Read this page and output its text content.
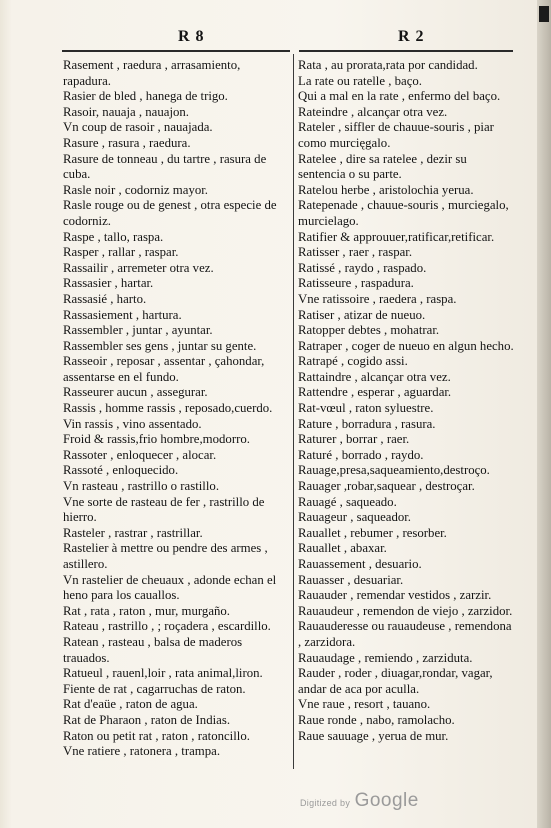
R 8	R 2

Rasement , raedura , arrasamiento, rapadura.

Rasier de bled , hanega de trigo.

Rasoir, nauaja , nauajon.

Vn coup de rasoir , nauajada.

Rasure , rasura , raedura.

Rasure de tonneau , du tartre , rasura de cuba.

Rasle noir , codorniz mayor.

Rasle rouge ou de genest , otra especie de codorniz.

Raspe , tallo, raspa.

Rasper , rallar , raspar.

Rassailir , arremeter otra vez.

Rassasier , hartar.

Rassasié , harto.

Rassasiement , hartura.

Rassembler , juntar , ayuntar.

Rassembler ses gens , juntar su gente.

Rasseoir , reposar , assentar , çahondar, assentarse en el fundo.

Rasseurer aucun , assegurar.

Rassis , homme rassis , reposado,cuerdo.

Vin rassis , vino assentado.

Froid & rassis,frio hombre,modorro.

Rassoter , enloquecer , alocar.

Rassoté , enloquecido.

Vn rasteau , rastrillo o rastillo.

Vne sorte de rasteau de fer , rastrillo de hierro.

Rasteler , rastrar , rastrillar.

Rastelier à mettre ou pendre des armes , astillero.

Vn rastelier de cheuaux , adonde echan el heno para los cauallos.

Rat , rata , raton , mur, murgaño.

Rateau , rastrillo , ; roçadera , escardillo.

Ratean , rasteau , balsa de maderos trauados.

Ratueul , rauenl,loir , rata animal,liron.

Fiente de rat , cagarruchas de raton.

Rat d'eaüe , raton de agua.

Rat de Pharaon , raton de Indias.

Raton ou petit rat , raton , ratoncillo.

Vne ratiere , ratonera , trampa.

Rata , au prorata,rata por candidad.

La rate ou ratelle , baço.

Qui a mal en la rate , enfermo del baço.

Rateindre , alcançar otra vez.

Rateler , siffler de chauue-souris , piar como murcięgalo.

Ratelee , dire sa ratelee , dezir su sentencia o su parte.

Ratelou herbe , aristolochia yerua.

Ratepenade , chauue-souris , murciegalo, murcielago.

Ratifier & approuuer,ratificar,retificar.

Ratisser , raer , raspar.

Ratissé , raydo , raspado.

Ratisseure , raspadura.

Vne ratissoire , raedera , raspa.

Ratiser , atizar de nueuo.

Ratopper debtes , mohatrar.

Ratraper , coger de nueuo en algun hecho.

Ratrapé , cogido assi.

Rattaindre , alcançar otra vez.

Rattendre , esperar , aguardar.

Rat-vœul , raton syluestre.

Rature , borradura , rasura.

Raturer , borrar , raer.

Raturé , borrado , raydo.

Rauage,presa,saqueamiento,destroço.

Rauager ,robar,saquear , destroçar.

Rauagé , saqueado.

Rauageur , saqueador.

Rauallet , rebumer , resorber.

Rauallet , abaxar.

Rauassement , desuario.

Rauasser , desuariar.

Rauauder , remendar vestidos , zarzir.

Rauaudeur , remendon de viejo , zarzidor.

Rauauderesse ou rauaudeuse , remendona , zarzidora.

Rauaudage , remiendo , zarziduta.

Rauder , roder , diuagar,rondar, vagar, andar de aca por aculla.

Vne raue , resort , tauano.

Raue ronde , nabo, ramolacho.

Raue sauuage , yerua de mur.

Digitized by Google
